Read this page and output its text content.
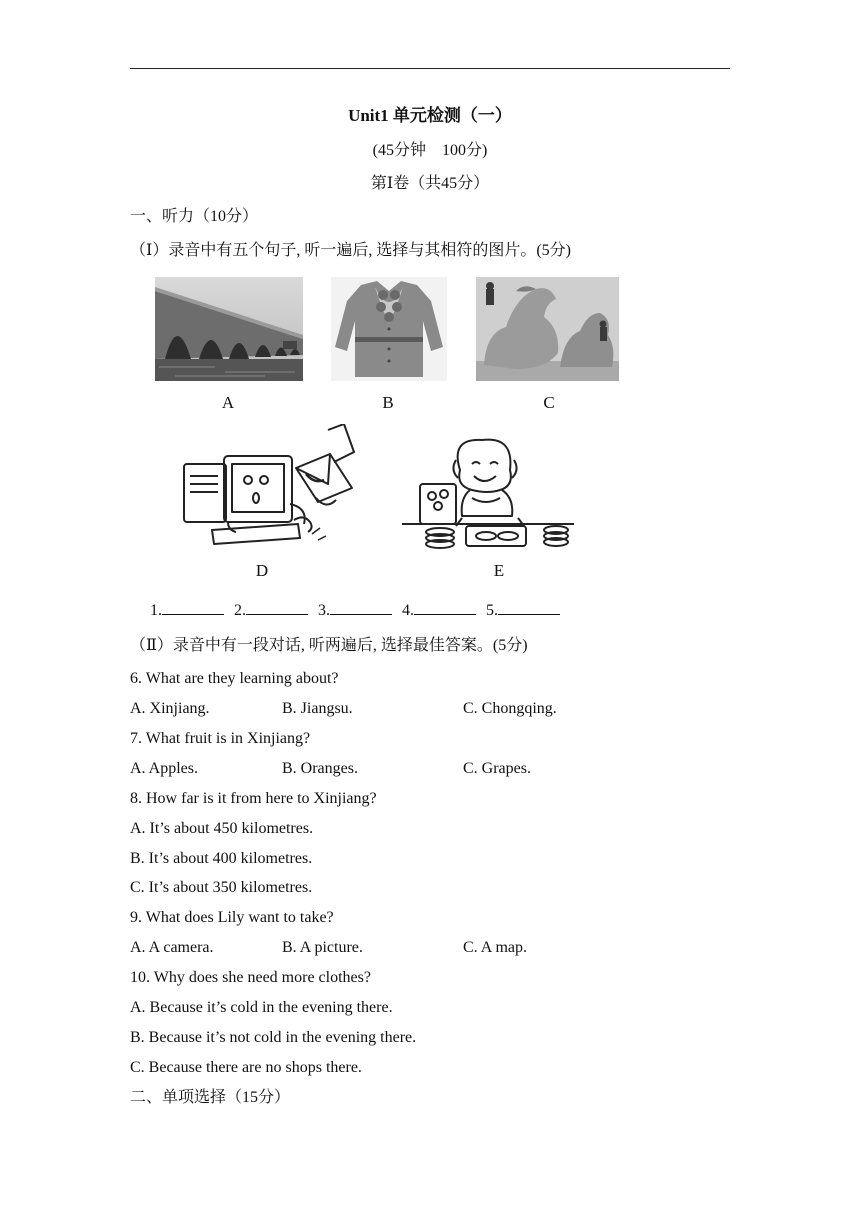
Unit1 单元检测（一）
(45分钟　100分)
第Ⅰ卷（共45分）
一、听力（10分）
（Ⅰ）录音中有五个句子, 听一遍后, 选择与其相符的图片。(5分)
A	B	C
D	E
1.	2.	3.	4.	5.
（Ⅱ）录音中有一段对话, 听两遍后, 选择最佳答案。(5分)
6. What are they learning about?
A. Xinjiang.	B. Jiangsu.	C. Chongqing.
7. What fruit is in Xinjiang?
A. Apples.	B. Oranges.	C. Grapes.
8. How far is it from here to Xinjiang?
A. It’s about 450 kilometres.
B. It’s about 400 kilometres.
C. It’s about 350 kilometres.
9. What does Lily want to take?
A. A camera.	B. A picture.	C. A map.
10. Why does she need more clothes?
A. Because it’s cold in the evening there.
B. Because it’s not cold in the evening there.
C. Because there are no shops there.
二、单项选择（15分）
